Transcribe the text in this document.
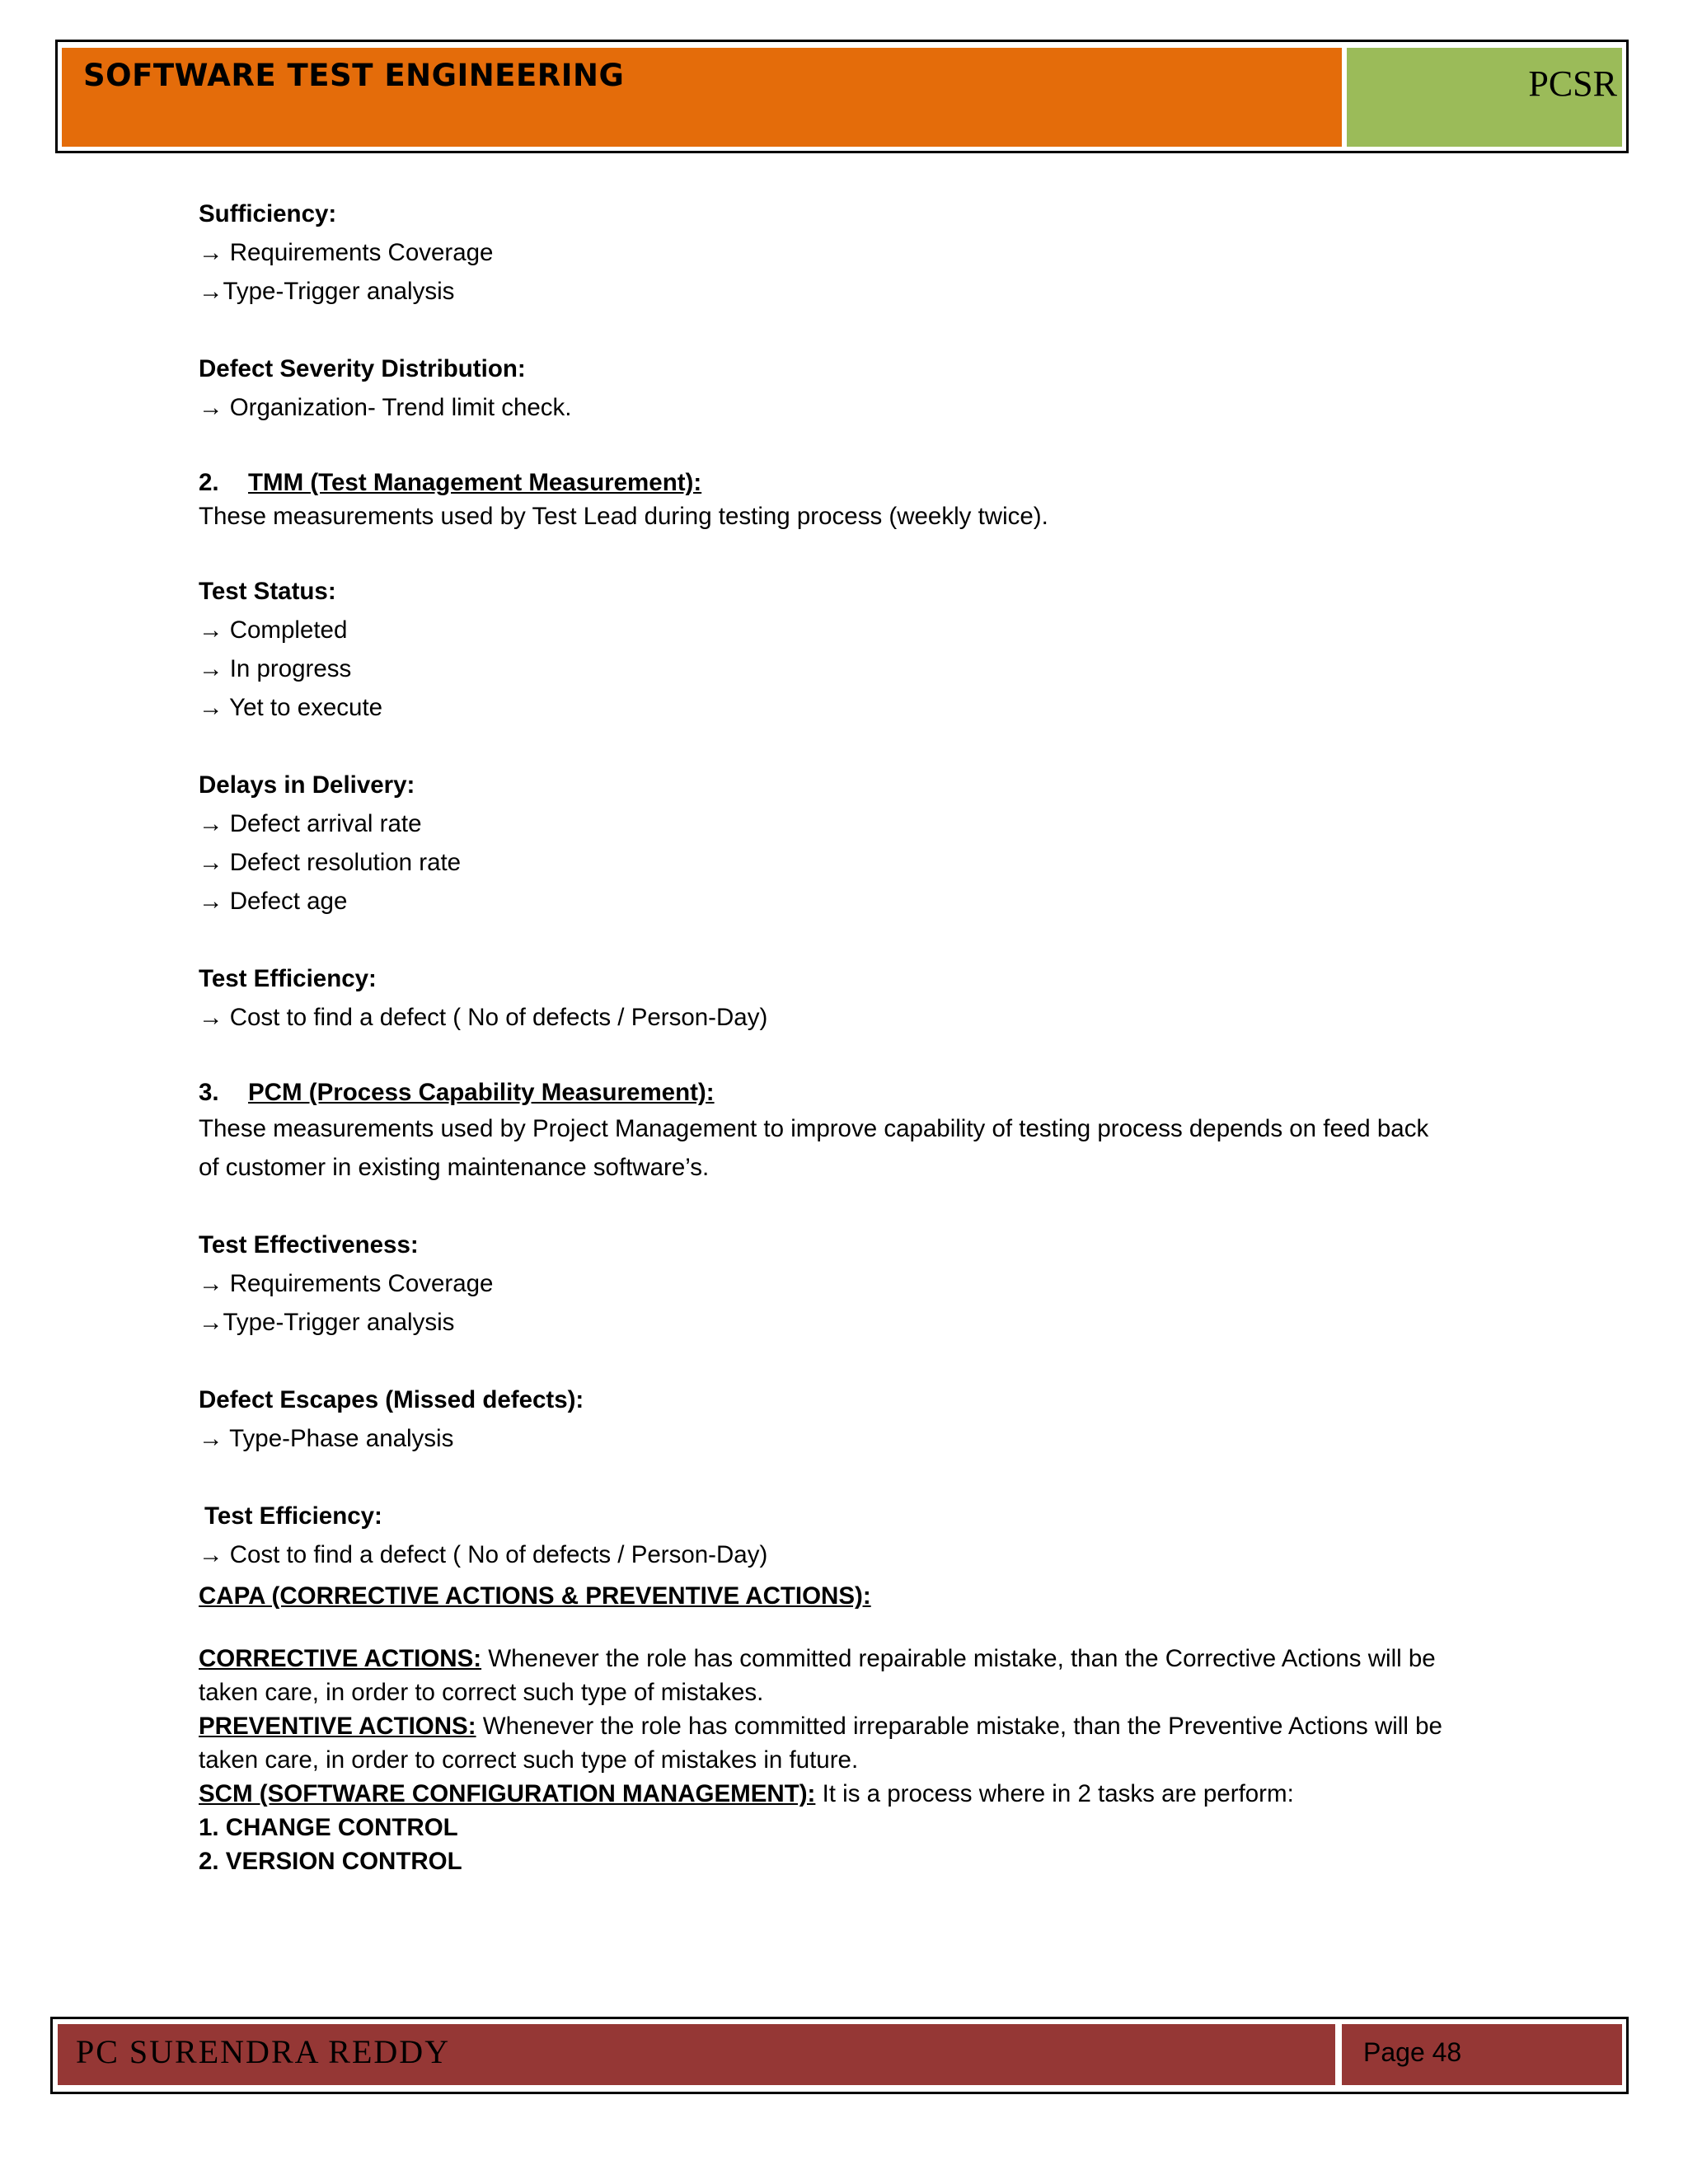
SOFTWARE TEST ENGINEERING	PCSR
Sufficiency:
→ Requirements Coverage
→Type-Trigger analysis
Defect Severity Distribution:
→ Organization- Trend limit check.
2. TMM (Test Management Measurement):
These measurements used by Test Lead during testing process (weekly twice).
Test Status:
→ Completed
→ In progress
→ Yet to execute
Delays in Delivery:
→ Defect arrival rate
→ Defect resolution rate
→ Defect age
Test Efficiency:
→ Cost to find a defect ( No of defects / Person-Day)
3. PCM (Process Capability Measurement):
These measurements used by Project Management to improve capability of testing process depends on feed back
of customer in existing maintenance software’s.
Test Effectiveness:
→ Requirements Coverage
→Type-Trigger analysis
Defect Escapes (Missed defects):
→ Type-Phase analysis
Test Efficiency:
→ Cost to find a defect ( No of defects / Person-Day)
CAPA (CORRECTIVE ACTIONS & PREVENTIVE ACTIONS):
CORRECTIVE ACTIONS: Whenever the role has committed repairable mistake, than the Corrective Actions will be
taken care, in order to correct such type of mistakes.
PREVENTIVE ACTIONS: Whenever the role has committed irreparable mistake, than the Preventive Actions will be
taken care, in order to correct such type of mistakes in future.
SCM (SOFTWARE CONFIGURATION MANAGEMENT): It is a process where in 2 tasks are perform:
1. CHANGE CONTROL
2. VERSION CONTROL
PC SURENDRA REDDY	Page 48
